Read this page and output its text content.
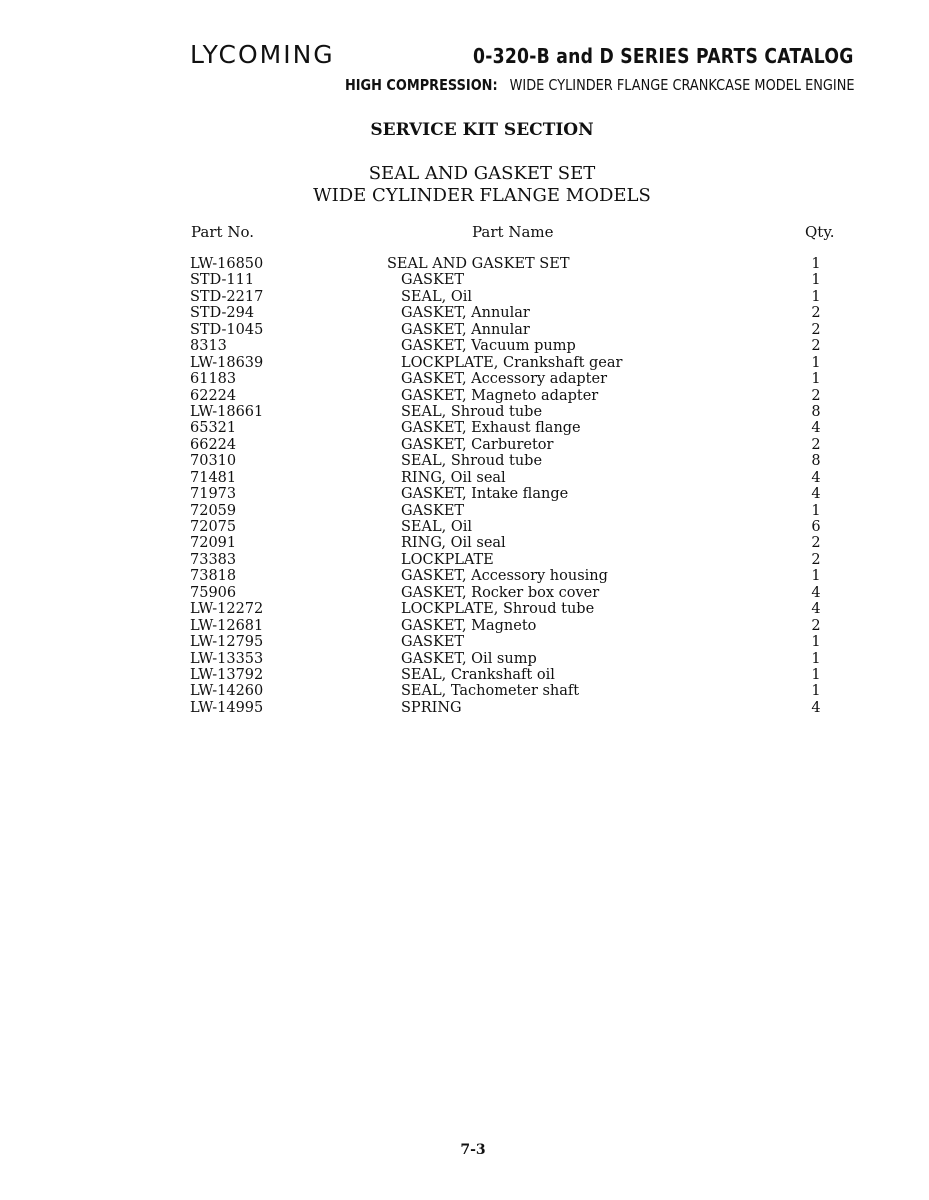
LYCOMING	0-320-B and D SERIES PARTS CATALOG
HIGH COMPRESSION: WIDE CYLINDER FLANGE CRANKCASE MODEL ENGINE
SERVICE KIT SECTION
SEAL AND GASKET SET
WIDE CYLINDER FLANGE MODELS
Part No.	Part Name	Qty.
LW-16850	SEAL AND GASKET SET	1
STD-111	GASKET	1
STD-2217	SEAL, Oil	1
STD-294	GASKET, Annular	2
STD-1045	GASKET, Annular	2
8313	GASKET, Vacuum pump	2
LW-18639	LOCKPLATE, Crankshaft gear	1
61183	GASKET, Accessory adapter	1
62224	GASKET, Magneto adapter	2
LW-18661	SEAL, Shroud tube	8
65321	GASKET, Exhaust flange	4
66224	GASKET, Carburetor	2
70310	SEAL, Shroud tube	8
71481	RING, Oil seal	4
71973	GASKET, Intake flange	4
72059	GASKET	1
72075	SEAL, Oil	6
72091	RING, Oil seal	2
73383	LOCKPLATE	2
73818	GASKET, Accessory housing	1
75906	GASKET, Rocker box cover	4
LW-12272	LOCKPLATE, Shroud tube	4
LW-12681	GASKET, Magneto	2
LW-12795	GASKET	1
LW-13353	GASKET, Oil sump	1
LW-13792	SEAL, Crankshaft oil	1
LW-14260	SEAL, Tachometer shaft	1
LW-14995	SPRING	4
7-3
